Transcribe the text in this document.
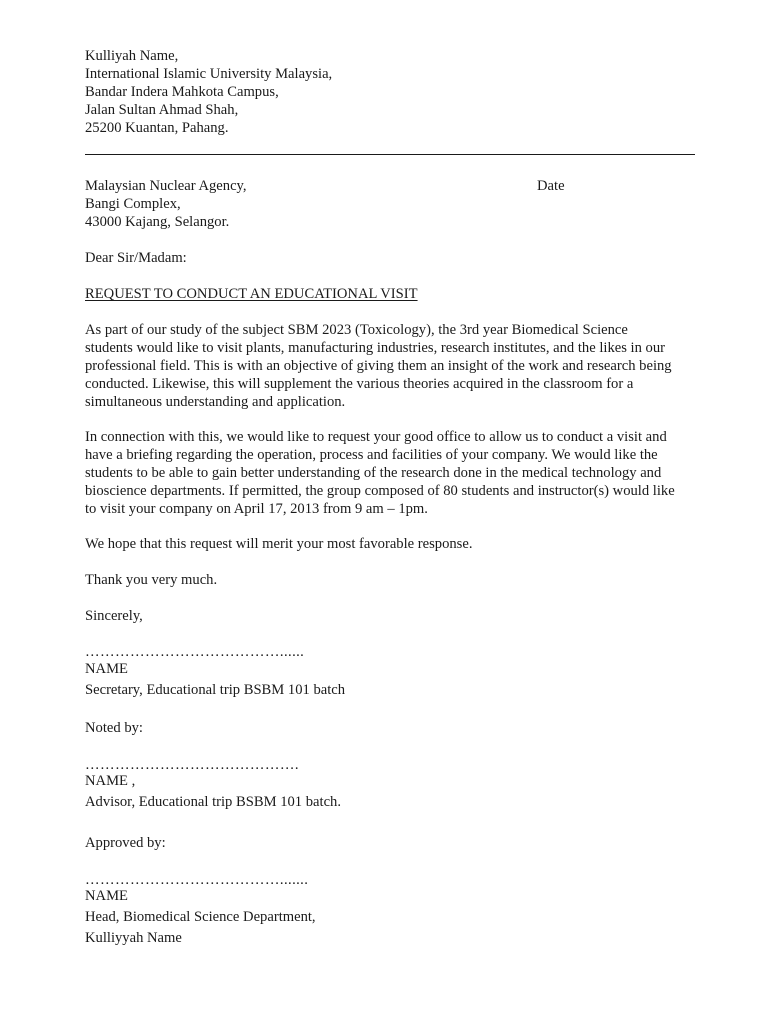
Kulliyah Name,
International Islamic University Malaysia,
Bandar Indera Mahkota Campus,
Jalan Sultan Ahmad Shah,
25200 Kuantan, Pahang.
Malaysian Nuclear Agency,
Bangi Complex,
43000 Kajang, Selangor.
Date
Dear Sir/Madam:
REQUEST TO CONDUCT AN EDUCATIONAL VISIT
As part of our study of the subject SBM 2023 (Toxicology), the 3rd year Biomedical Science
students would like to visit plants, manufacturing industries, research institutes, and the likes in our
professional field. This is with an objective of giving them an insight of the work and research being
conducted. Likewise, this will supplement the various theories acquired in the classroom for a
simultaneous understanding and application.
In connection with this, we would like to request your good office to allow us to conduct a visit and
have a briefing regarding the operation, process and facilities of your company. We would like the
students to be able to gain better understanding of the research done in the medical technology and
bioscience departments. If permitted, the group composed of 80 students and instructor(s) would like
to visit your company on April 17, 2013 from 9 am – 1pm.
We hope that this request will merit your most favorable response.
Thank you very much.
Sincerely,
…………………………………......
NAME
Secretary, Educational trip BSBM 101 batch
Noted by:
…………………………………….
NAME ,
Advisor, Educational trip BSBM 101 batch.
Approved by:
………………………………….......
NAME
Head, Biomedical Science Department,
Kulliyyah Name
